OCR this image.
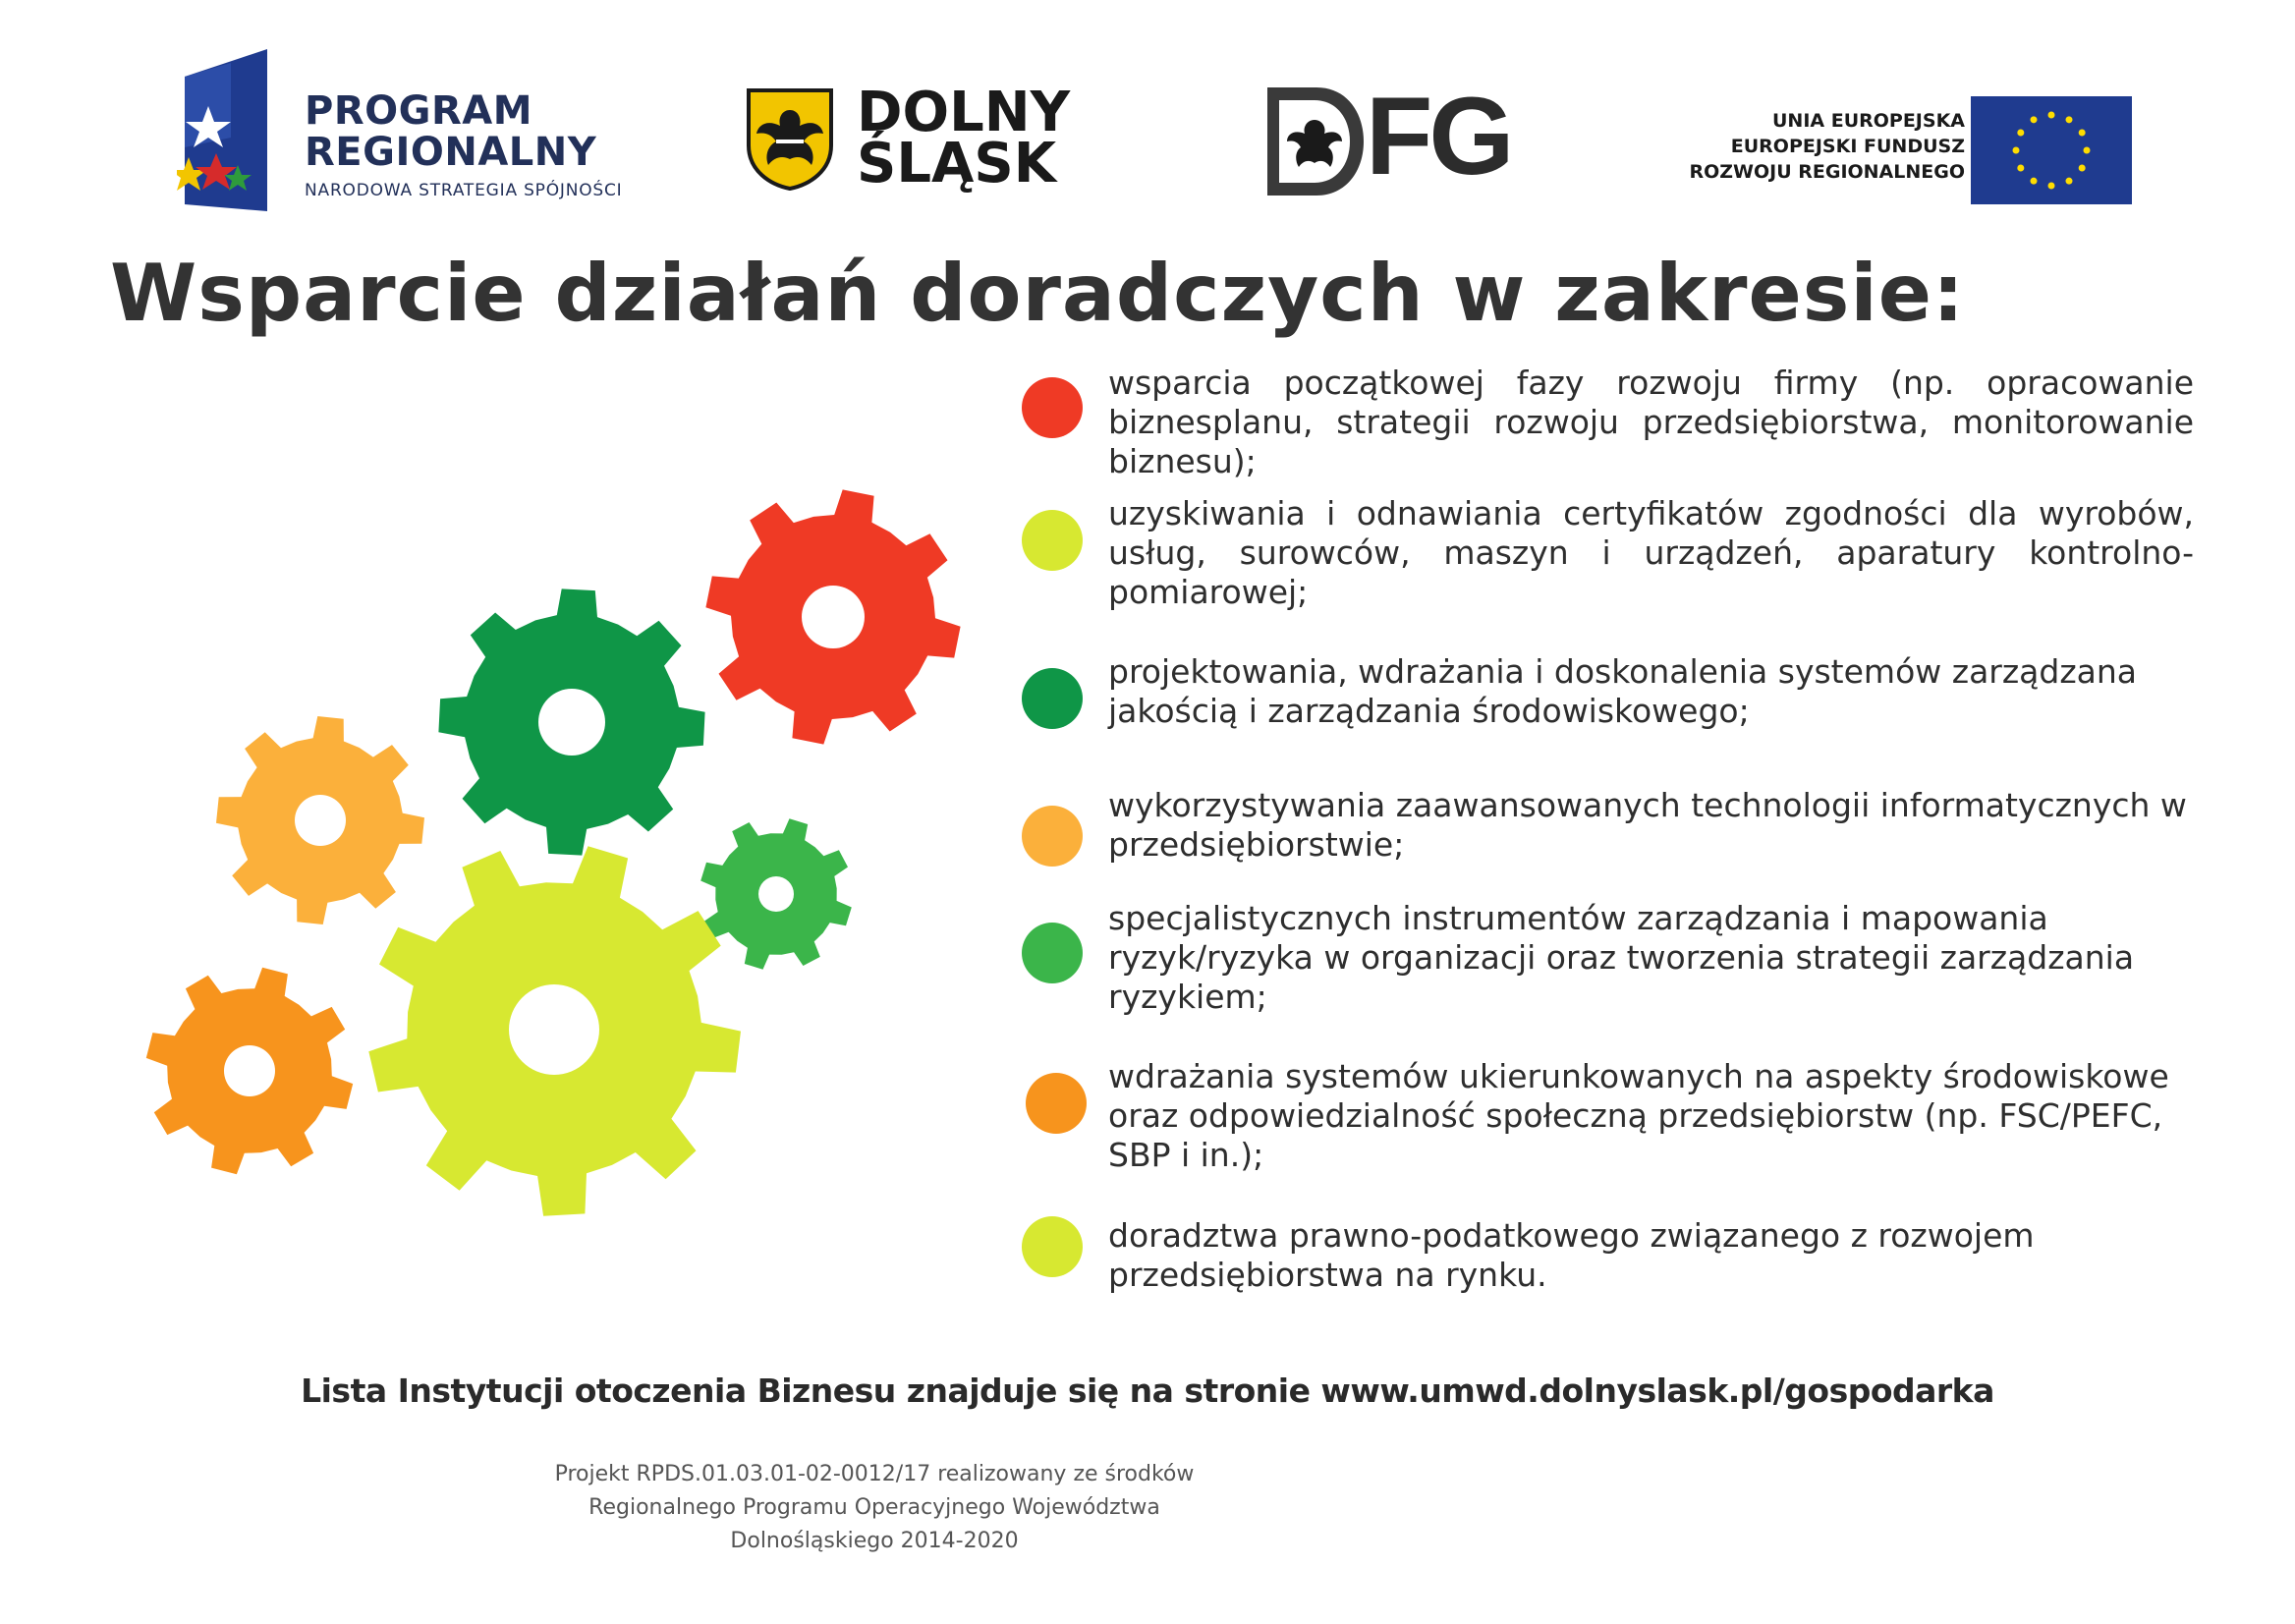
PROGRAM
REGIONALNY
NARODOWA STRATEGIA SPÓJNOŚCI
DOLNY
ŚLĄSK	FG	UNIA EUROPEJSKA
EUROPEJSKI FUNDUSZ
ROZWOJU REGIONALNEGO
Wsparcie działań doradczych w zakresie:
wsparcia początkowej fazy rozwoju firmy (np. opracowanie biznesplanu, strategii rozwoju przedsiębiorstwa, monitorowanie biznesu);
uzyskiwania i odnawiania certyfikatów zgodności dla wyrobów, usług, surowców, maszyn i urządzeń, aparatury kontrolno-pomiarowej;
projektowania, wdrażania i doskonalenia systemów zarządzana jakością i zarządzania środowiskowego;
wykorzystywania zaawansowanych technologii informatycznych w przedsiębiorstwie;
specjalistycznych instrumentów zarządzania i mapowania ryzyk/ryzyka w organizacji oraz tworzenia strategii zarządzania ryzykiem;
wdrażania systemów ukierunkowanych na aspekty środowiskowe oraz odpowiedzialność społeczną przedsiębiorstw (np. FSC/PEFC, SBP i in.);
doradztwa prawno-podatkowego związanego z rozwojem przedsiębiorstwa na rynku.
Lista Instytucji otoczenia Biznesu znajduje się na stronie www.umwd.dolnyslask.pl/gospodarka
Projekt RPDS.01.03.01-02-0012/17 realizowany ze środków
Regionalnego Programu Operacyjnego Województwa
Dolnośląskiego 2014-2020
